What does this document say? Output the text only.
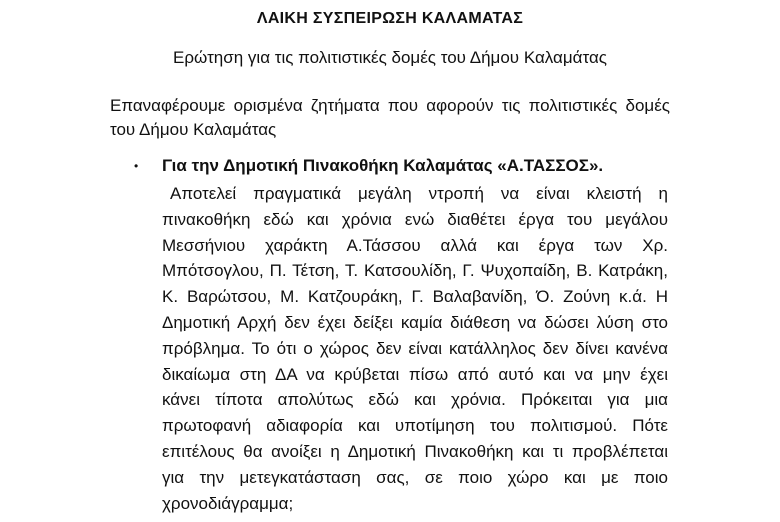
ΛΑΙΚΗ ΣΥΣΠΕΙΡΩΣΗ ΚΑΛΑΜΑΤΑΣ
Ερώτηση για τις πολιτιστικές δομές του Δήμου Καλαμάτας
Επαναφέρουμε ορισμένα ζητήματα που αφορούν τις πολιτιστικές δομές του Δήμου Καλαμάτας
• Για την Δημοτική Πινακοθήκη Καλαμάτας «Α.ΤΑΣΣΟΣ».
Αποτελεί πραγματικά μεγάλη ντροπή να είναι κλειστή η
πινακοθήκη εδώ και χρόνια ενώ διαθέτει έργα του μεγάλου
Μεσσήνιου χαράκτη Α.Τάσσου αλλά και έργα των Χρ.
Μπότσογλου, Π. Τέτση, Τ. Κατσουλίδη, Γ. Ψυχοπαίδη, Β. Κατράκη,
Κ. Βαρώτσου, Μ. Κατζουράκη, Γ. Βαλαβανίδη, Ό. Ζούνη κ.ά. Η
Δημοτική Αρχή δεν έχει δείξει καμία διάθεση να δώσει λύση στο
πρόβλημα. Το ότι ο χώρος δεν είναι κατάλληλος δεν δίνει κανένα
δικαίωμα στη ΔΑ να κρύβεται πίσω από αυτό και να μην έχει
κάνει τίποτα απολύτως εδώ και χρόνια. Πρόκειται για μια
πρωτοφανή αδιαφορία και υποτίμηση του πολιτισμού. Πότε
επιτέλους θα ανοίξει η Δημοτική Πινακοθήκη και τι προβλέπεται
για την μετεγκατάσταση σας, σε ποιο χώρο και με ποιο
χρονοδιάγραμμα;
